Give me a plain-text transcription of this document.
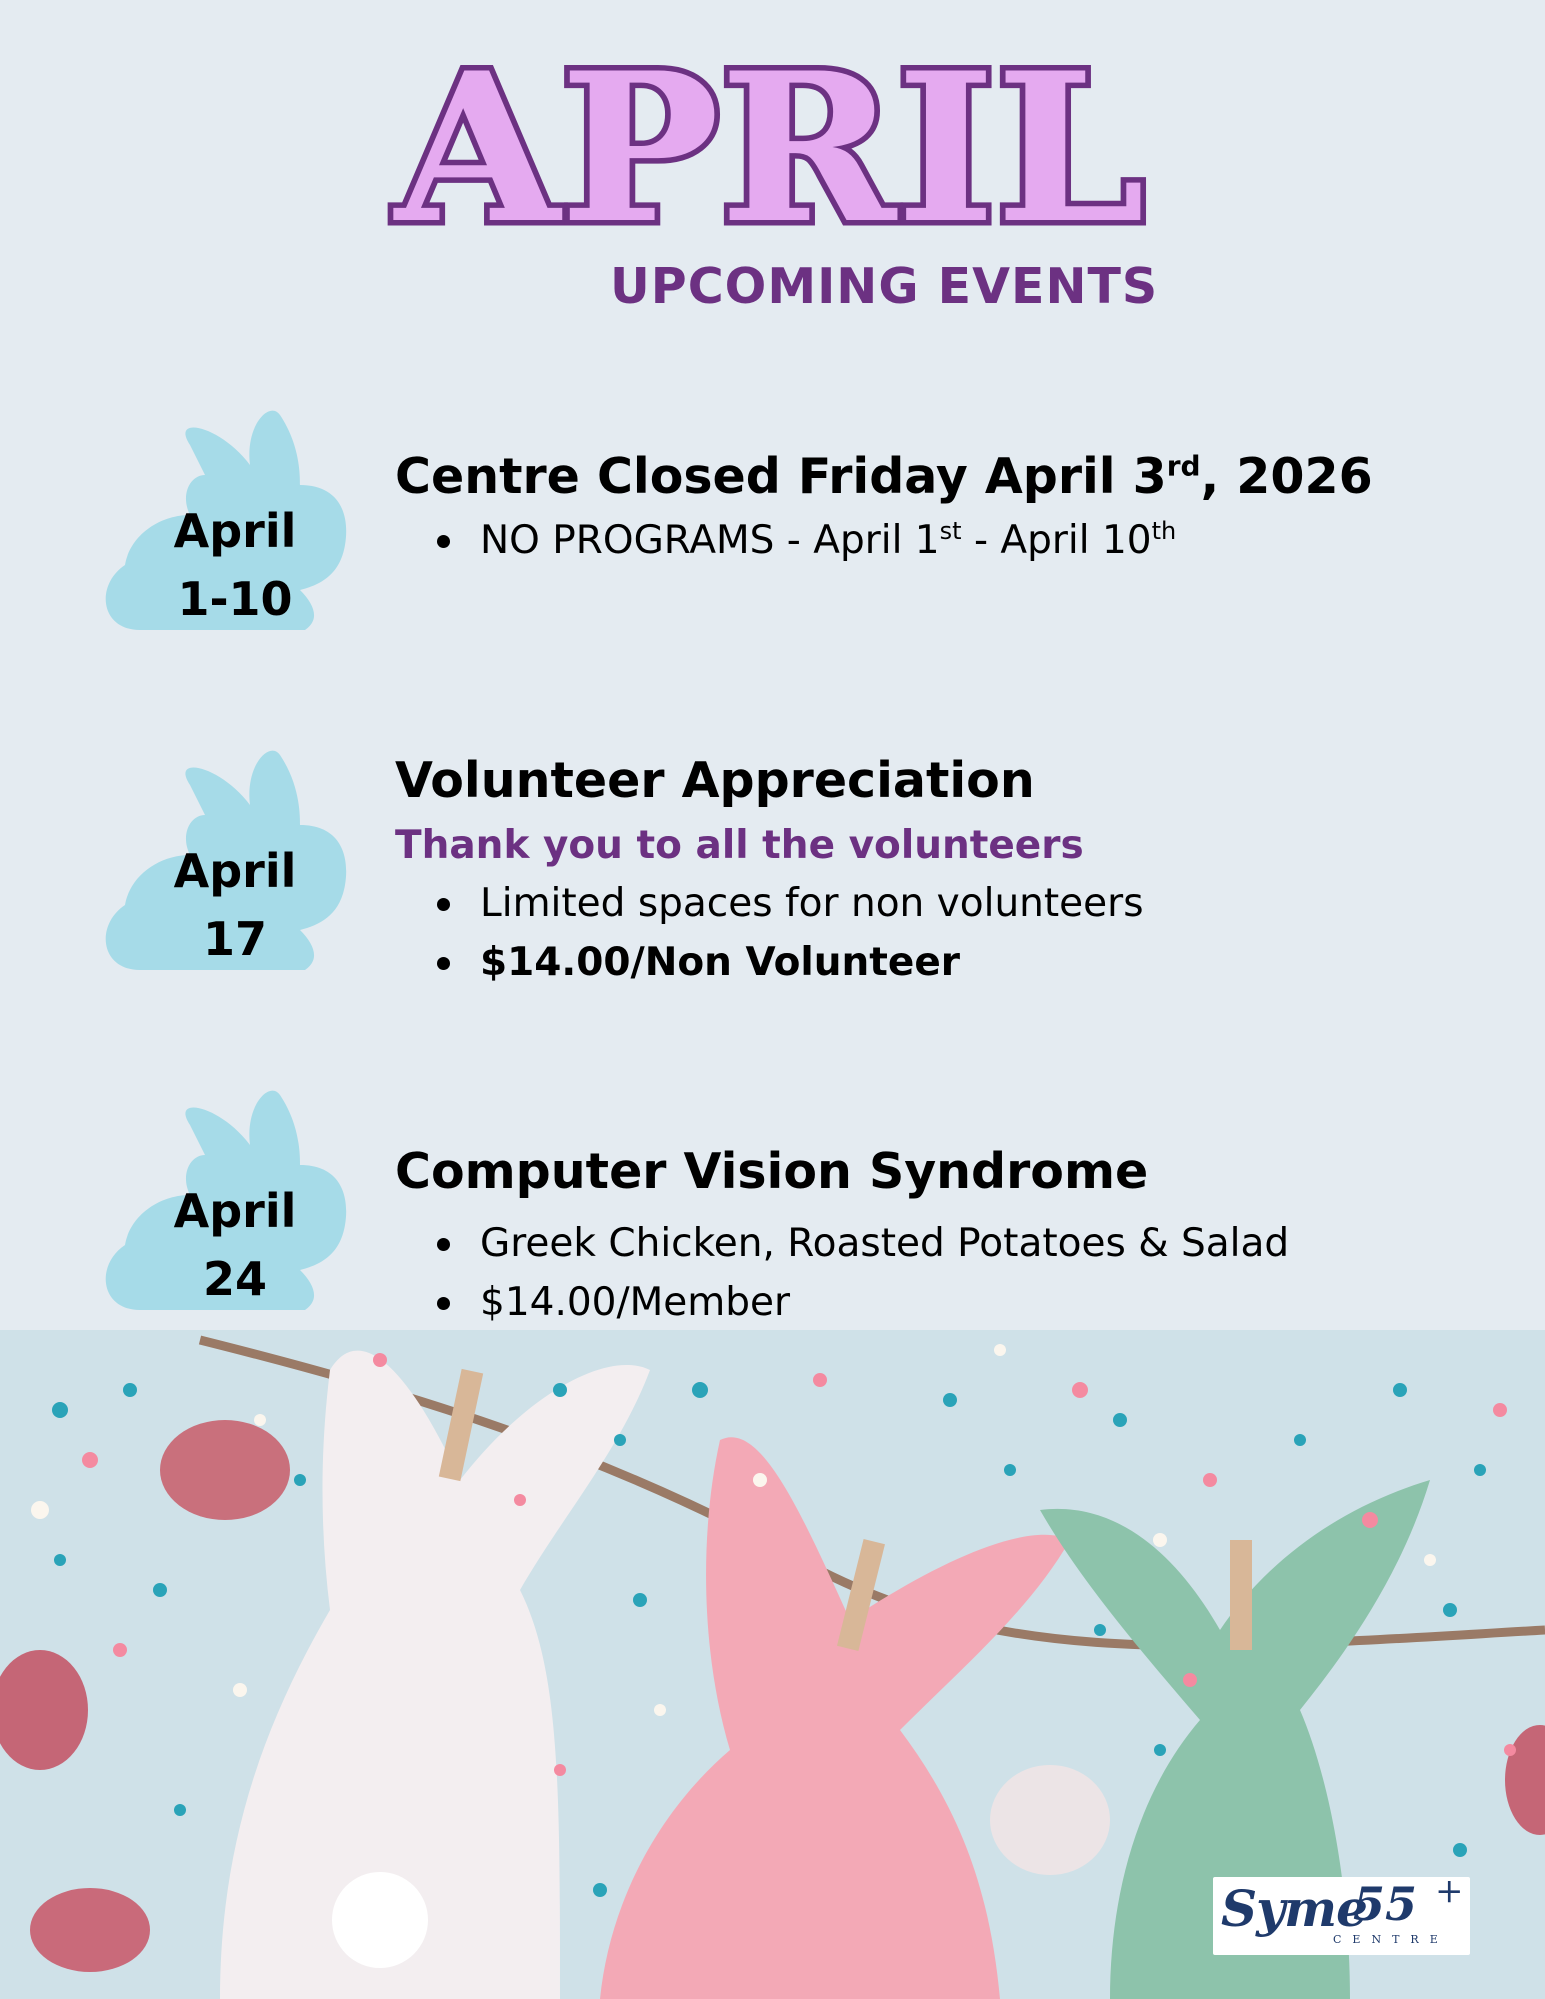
APRIL
UPCOMING EVENTS
April
1-10
Centre Closed Friday April 3rd, 2026
NO PROGRAMS - April 1st - April 10th
April
17
Volunteer Appreciation
Thank you to all the volunteers
Limited spaces for non volunteers
$14.00/Non Volunteer
April
24
Computer Vision Syndrome
Greek Chicken, Roasted Potatoes & Salad
$14.00/Member
Syme
55 +
CENTRE
